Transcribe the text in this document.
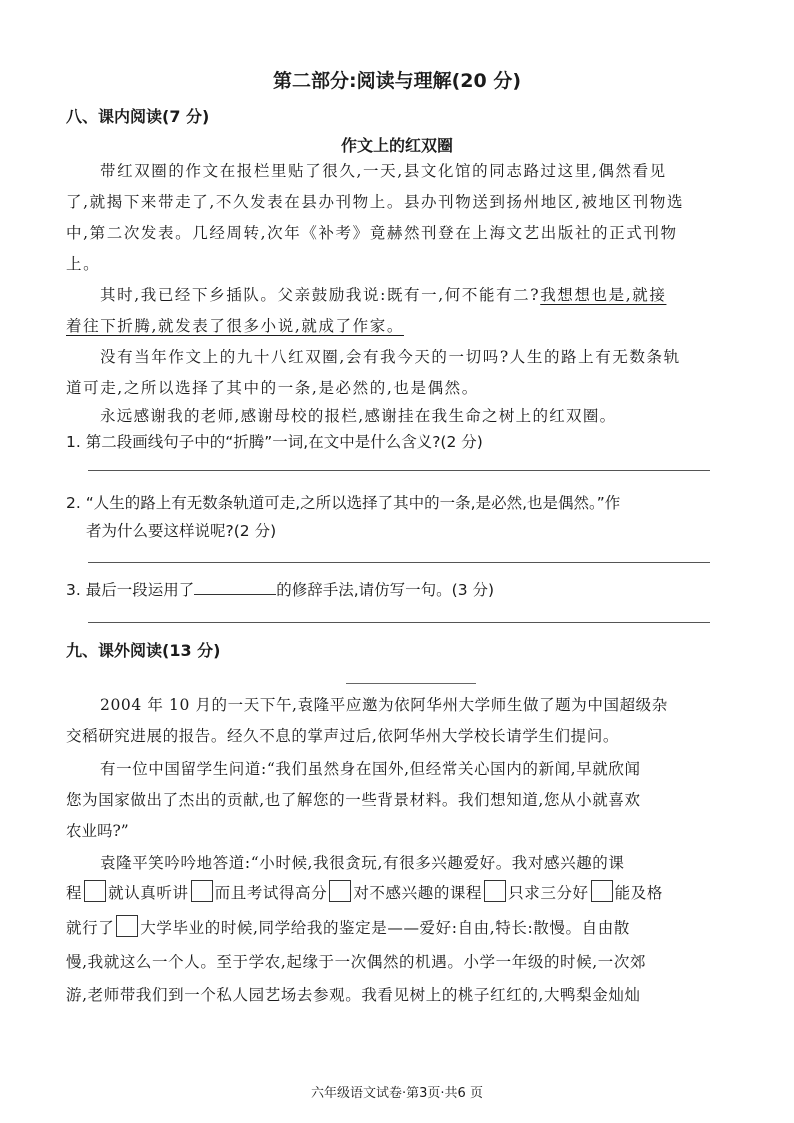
第二部分:阅读与理解(20 分)
八、课内阅读(7 分)
作文上的红双圈
带红双圈的作文在报栏里贴了很久,一天,县文化馆的同志路过这里,偶然看见
了,就揭下来带走了,不久发表在县办刊物上。县办刊物送到扬州地区,被地区刊物选
中,第二次发表。几经周转,次年《补考》竟赫然刊登在上海文艺出版社的正式刊物
上。
其时,我已经下乡插队。父亲鼓励我说:既有一,何不能有二?我想想也是,就接
着往下折腾,就发表了很多小说,就成了作家。
没有当年作文上的九十八红双圈,会有我今天的一切吗?人生的路上有无数条轨
道可走,之所以选择了其中的一条,是必然的,也是偶然。
永远感谢我的老师,感谢母校的报栏,感谢挂在我生命之树上的红双圈。
1. 第二段画线句子中的“折腾”一词,在文中是什么含义?(2 分)
2. “人生的路上有无数条轨道可走,之所以选择了其中的一条,是必然,也是偶然。”作
者为什么要这样说呢?(2 分)
3. 最后一段运用了	的修辞手法,请仿写一句。(3 分)
九、课外阅读(13 分)
2004 年 10 月的一天下午,袁隆平应邀为依阿华州大学师生做了题为中国超级杂
交稻研究进展的报告。经久不息的掌声过后,依阿华州大学校长请学生们提问。
有一位中国留学生问道:“我们虽然身在国外,但经常关心国内的新闻,早就欣闻
您为国家做出了杰出的贡献,也了解您的一些背景材料。我们想知道,您从小就喜欢
农业吗?”
袁隆平笑吟吟地答道:“小时候,我很贪玩,有很多兴趣爱好。我对感兴趣的课
程 就认真听讲 而且考试得高分 对不感兴趣的课程 只求三分好 能及格
就行了 大学毕业的时候,同学给我的鉴定是——爱好:自由,特长:散慢。自由散
慢,我就这么一个人。至于学农,起缘于一次偶然的机遇。小学一年级的时候,一次郊
游,老师带我们到一个私人园艺场去参观。我看见树上的桃子红红的,大鸭梨金灿灿
六年级语文试卷·第3页·共6 页
